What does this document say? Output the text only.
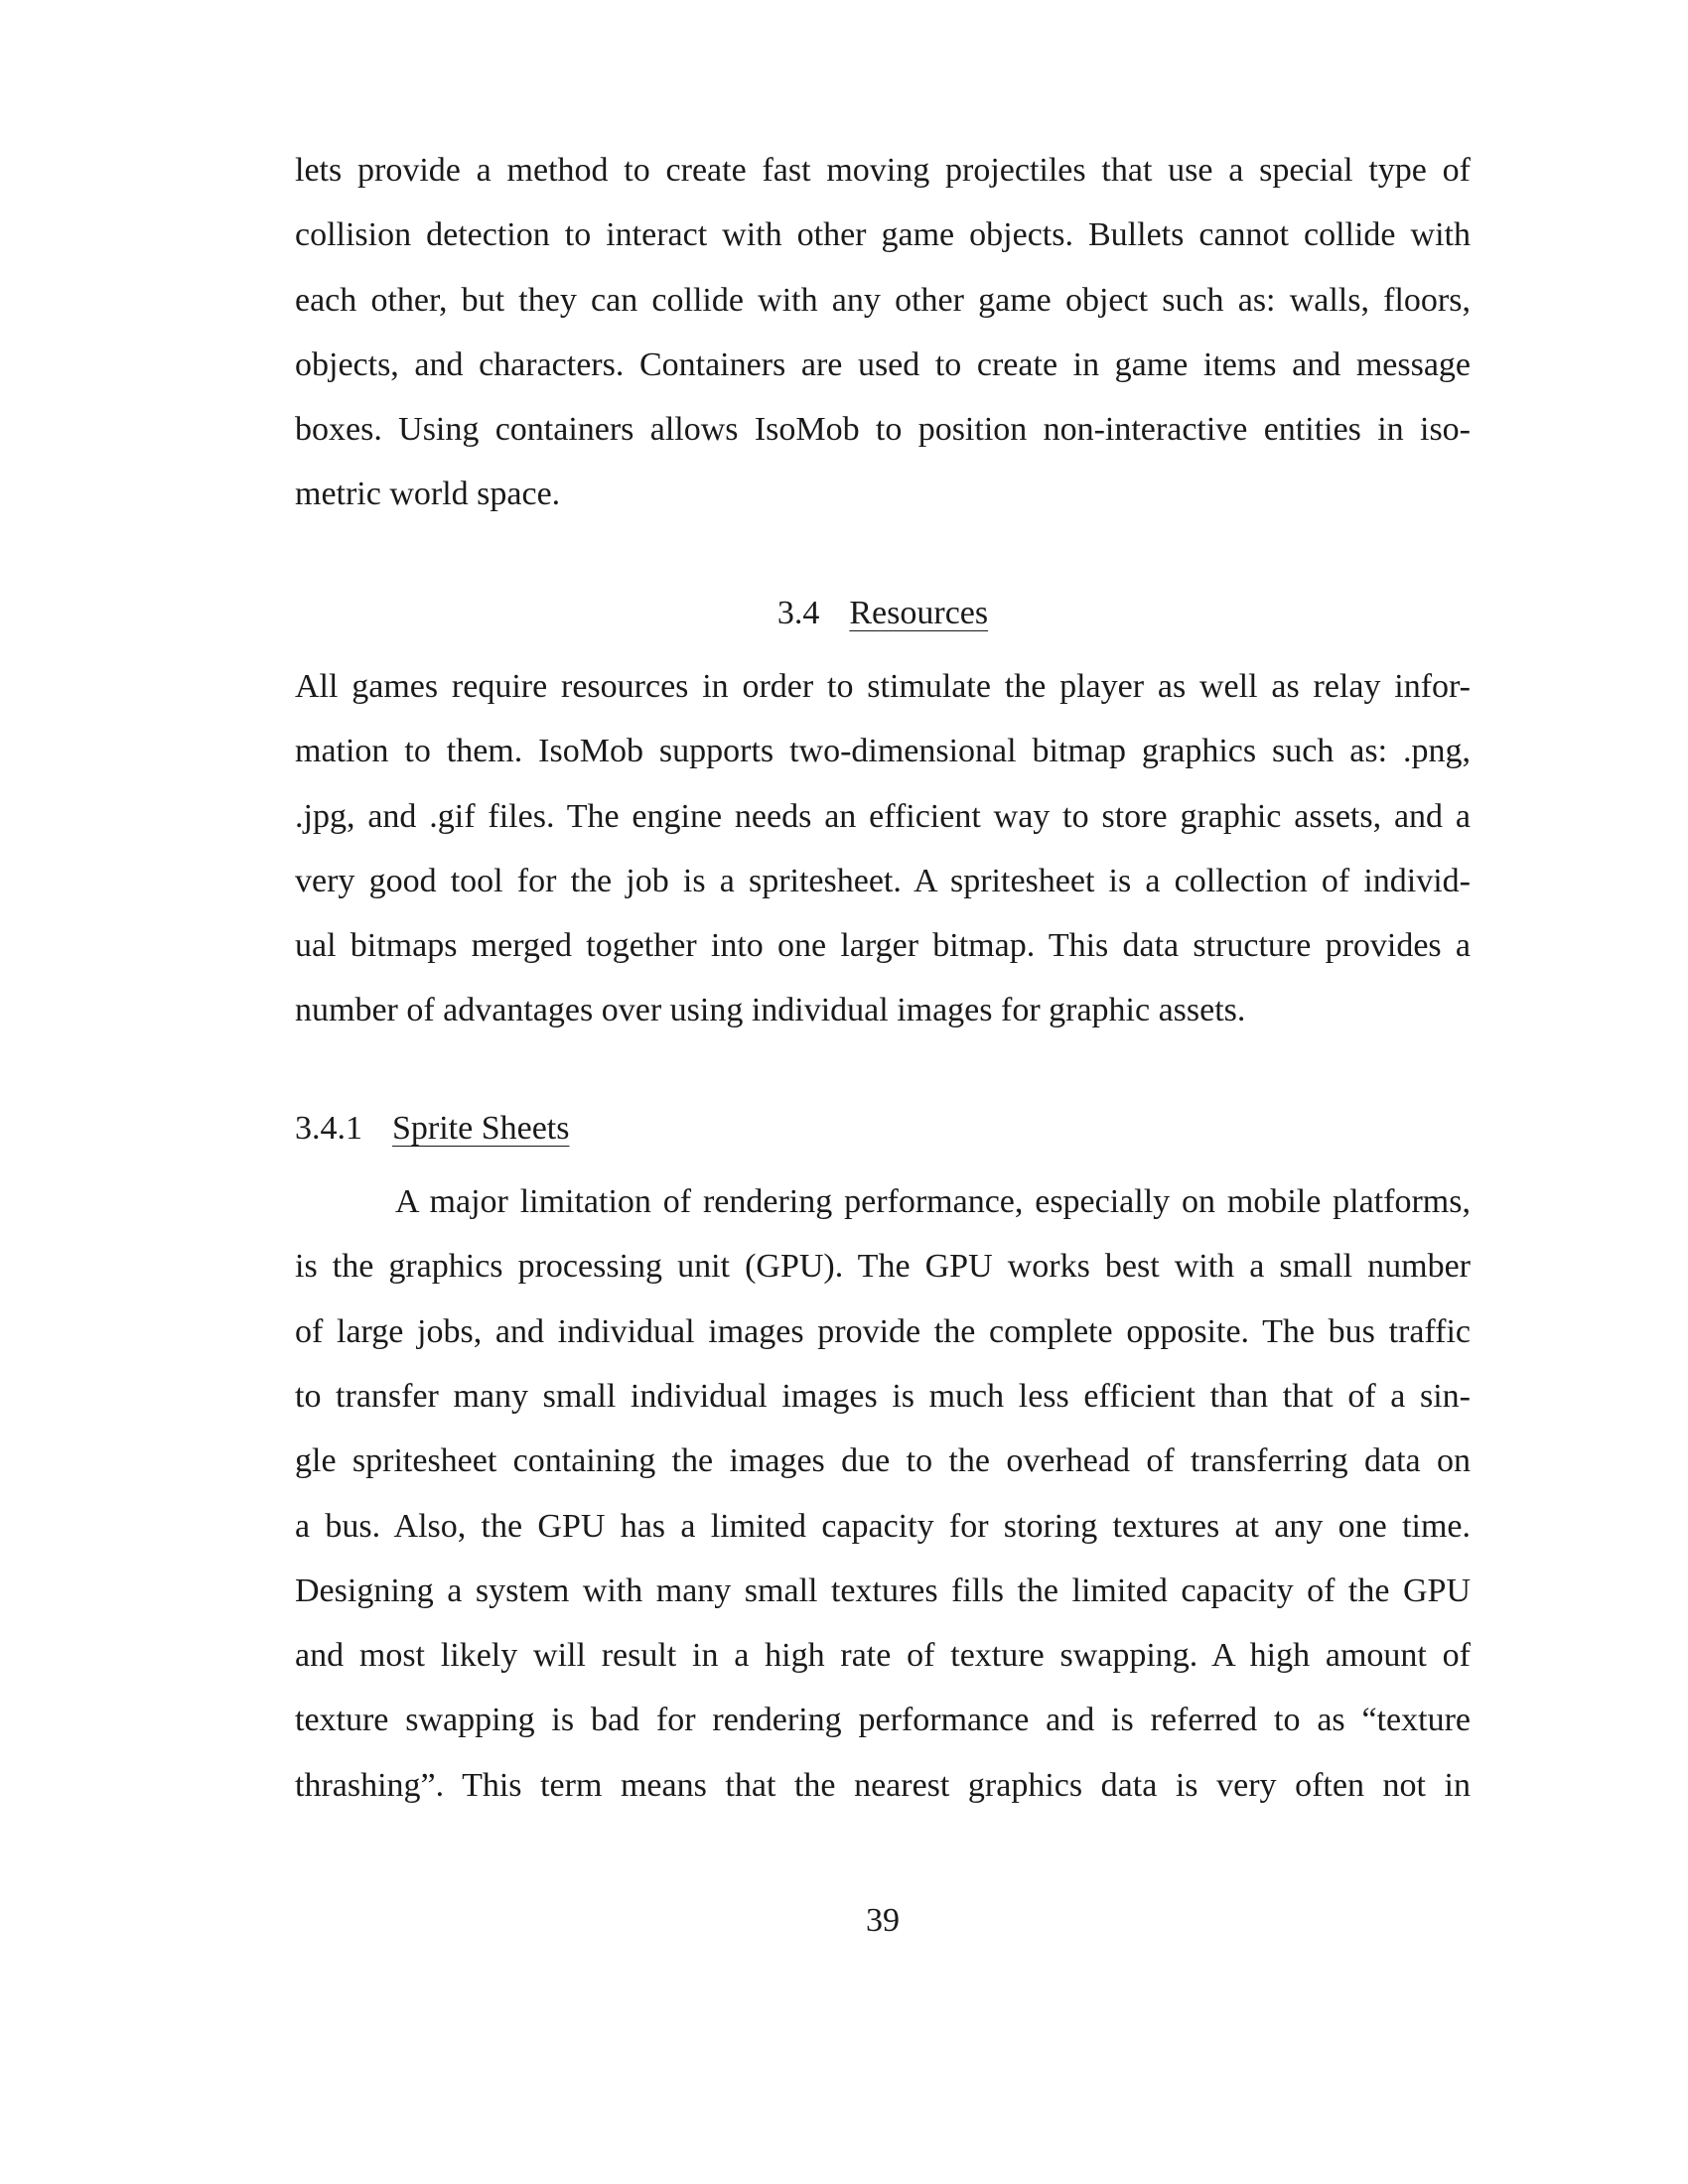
lets provide a method to create fast moving projectiles that use a special type of
collision detection to interact with other game objects. Bullets cannot collide with
each other, but they can collide with any other game object such as: walls, floors,
objects, and characters. Containers are used to create in game items and message
boxes. Using containers allows IsoMob to position non-interactive entities in iso-
metric world space.
3.4 Resources
All games require resources in order to stimulate the player as well as relay infor-
mation to them. IsoMob supports two-dimensional bitmap graphics such as: .png,
.jpg, and .gif files. The engine needs an efficient way to store graphic assets, and a
very good tool for the job is a spritesheet. A spritesheet is a collection of individ-
ual bitmaps merged together into one larger bitmap. This data structure provides a
number of advantages over using individual images for graphic assets.
3.4.1 Sprite Sheets
A major limitation of rendering performance, especially on mobile platforms,
is the graphics processing unit (GPU). The GPU works best with a small number
of large jobs, and individual images provide the complete opposite. The bus traffic
to transfer many small individual images is much less efficient than that of a sin-
gle spritesheet containing the images due to the overhead of transferring data on
a bus. Also, the GPU has a limited capacity for storing textures at any one time.
Designing a system with many small textures fills the limited capacity of the GPU
and most likely will result in a high rate of texture swapping. A high amount of
texture swapping is bad for rendering performance and is referred to as “texture
thrashing”. This term means that the nearest graphics data is very often not in
39
